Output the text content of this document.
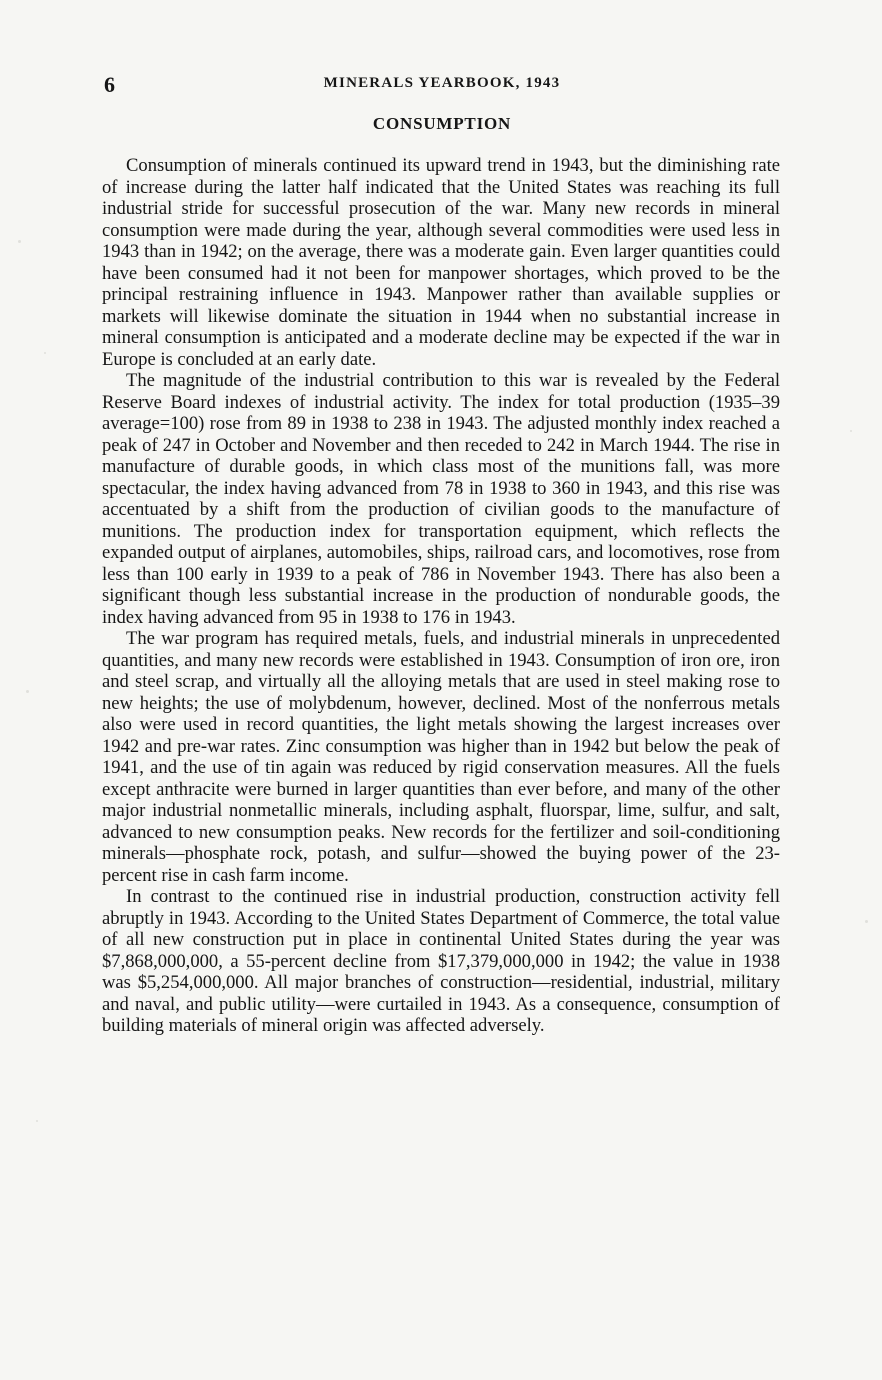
6	MINERALS YEARBOOK, 1943
CONSUMPTION

Consumption of minerals continued its upward trend in 1943, but the diminishing rate of increase during the latter half indicated that the United States was reaching its full industrial stride for successful prosecution of the war. Many new records in mineral consumption were made during the year, although several commodities were used less in 1943 than in 1942; on the average, there was a moderate gain. Even larger quantities could have been consumed had it not been for manpower shortages, which proved to be the principal restraining influence in 1943. Manpower rather than available supplies or markets will likewise dominate the situation in 1944 when no substantial increase in mineral consumption is anticipated and a moderate decline may be expected if the war in Europe is concluded at an early date.

The magnitude of the industrial contribution to this war is revealed by the Federal Reserve Board indexes of industrial activity. The index for total production (1935–39 average=100) rose from 89 in 1938 to 238 in 1943. The adjusted monthly index reached a peak of 247 in October and November and then receded to 242 in March 1944. The rise in manufacture of durable goods, in which class most of the munitions fall, was more spectacular, the index having advanced from 78 in 1938 to 360 in 1943, and this rise was accentuated by a shift from the production of civilian goods to the manufacture of munitions. The production index for transportation equipment, which reflects the expanded output of airplanes, automobiles, ships, railroad cars, and locomotives, rose from less than 100 early in 1939 to a peak of 786 in November 1943. There has also been a significant though less substantial increase in the production of nondurable goods, the index having advanced from 95 in 1938 to 176 in 1943.

The war program has required metals, fuels, and industrial minerals in unprecedented quantities, and many new records were established in 1943. Consumption of iron ore, iron and steel scrap, and virtually all the alloying metals that are used in steel making rose to new heights; the use of molybdenum, however, declined. Most of the nonferrous metals also were used in record quantities, the light metals showing the largest increases over 1942 and pre-war rates. Zinc consumption was higher than in 1942 but below the peak of 1941, and the use of tin again was reduced by rigid conservation measures. All the fuels except anthracite were burned in larger quantities than ever before, and many of the other major industrial nonmetallic minerals, including asphalt, fluorspar, lime, sulfur, and salt, advanced to new consumption peaks. New records for the fertilizer and soil-conditioning minerals—phosphate rock, potash, and sulfur—showed the buying power of the 23-percent rise in cash farm income.

In contrast to the continued rise in industrial production, construction activity fell abruptly in 1943. According to the United States Department of Commerce, the total value of all new construction put in place in continental United States during the year was $7,868,000,000, a 55-percent decline from $17,379,000,000 in 1942; the value in 1938 was $5,254,000,000. All major branches of construction—residential, industrial, military and naval, and public utility—were curtailed in 1943. As a consequence, consumption of building materials of mineral origin was affected adversely.
